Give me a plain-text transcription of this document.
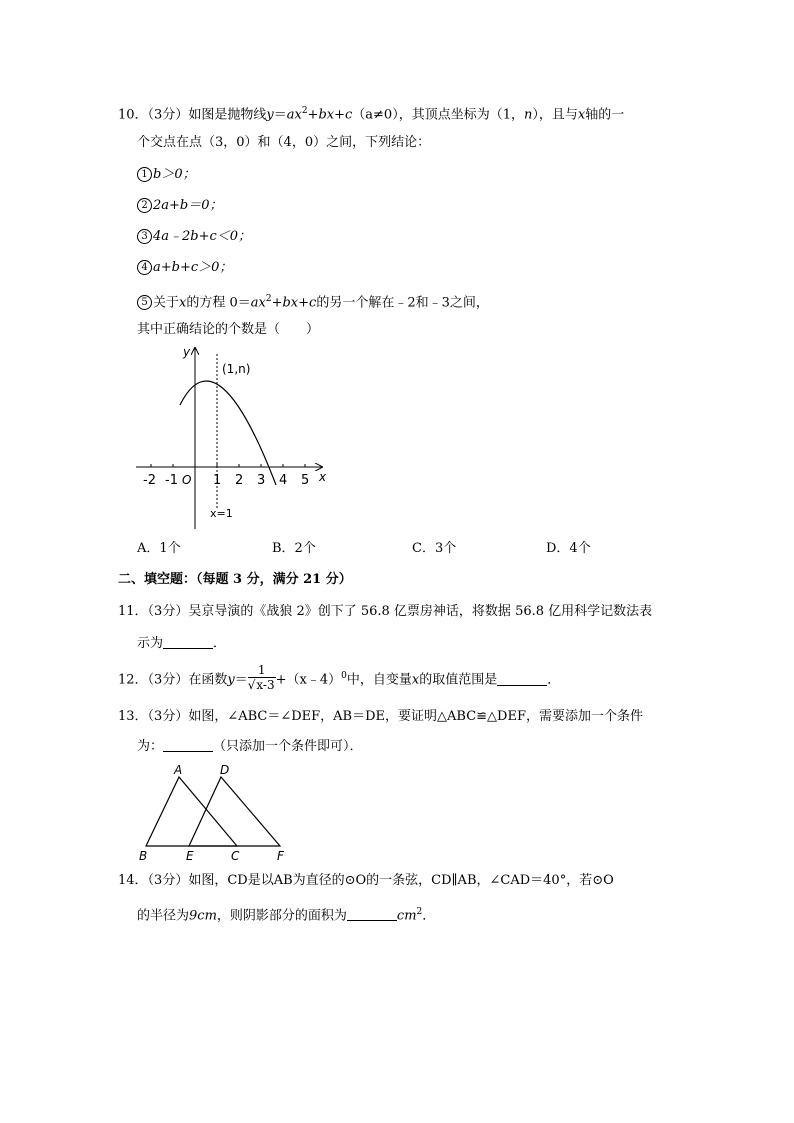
10．（3分）如图是抛物线$y=ax^2+bx+c(a\ne 0)$，其顶点坐标为（1，n），且与x轴的一
个交点在点（3，0）和（4，0）之间，下列结论：
1 b＞0；
2 2a+b＝0；
3 4a﹣2b+c＜0；
4 a+b+c＞0；
5 关于x的方程 $0=ax^2+bx+c$的另一个解在﹣2和﹣3之间，
其中正确结论的个数是（　　）
y
x
O
(1,n)
x=1
-2 -1	1 2 3 4 5
A．1个	B．2个	C．3个	D．4个
二、填空题：（每题 3 分，满分 21 分）
11．（3分）吴京导演的《战狼 2》创下了 56.8 亿票房神话，将数据 56.8 亿用科学记数法表
示为	．
12．（3分）在函数$y= \frac{1}{√x-3}$ +（x﹣4）$^0$中，自变量x的取值范围是	．
13．（3分）如图，∠ABC＝∠DEF，AB＝DE，要证明△ABC≌△DEF，需要添加一个条件
为：	（只添加一个条件即可）．
A	D
B	E	C	F
14．（3分）如图，CD是以AB为直径的⊙O的一条弦，CD∥AB，∠CAD＝40°，若⊙O
的半径为9cm，则阴影部分的面积为	$cm^2$．
